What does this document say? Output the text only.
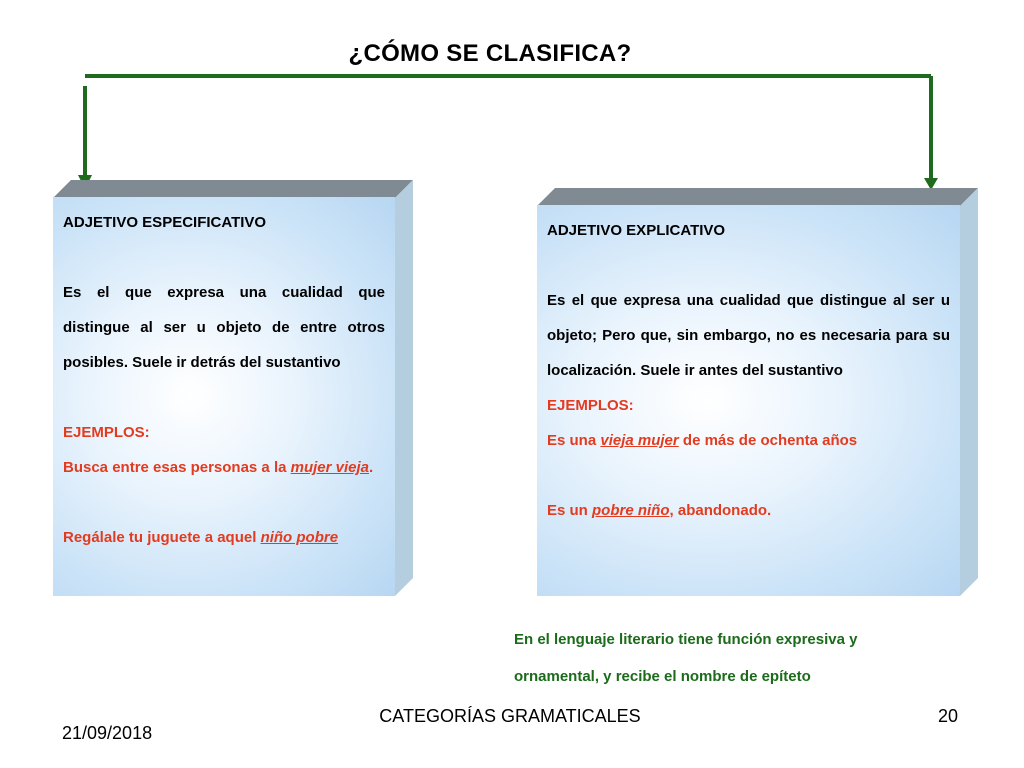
¿CÓMO SE CLASIFICA?
ADJETIVO ESPECIFICATIVO
Es el que expresa una cualidad que distingue al ser u objeto de entre otros posibles. Suele ir detrás del sustantivo
EJEMPLOS:
Busca entre esas personas a la mujer vieja.
Regálale tu juguete a aquel niño pobre
ADJETIVO EXPLICATIVO
Es el que expresa una cualidad que distingue al ser u objeto; Pero que, sin embargo, no es necesaria para su localización. Suele ir antes del sustantivo
EJEMPLOS:
Es una vieja mujer de más de ochenta años
Es un pobre niño, abandonado.
En el lenguaje literario tiene función expresiva y ornamental, y recibe el nombre de epíteto
21/09/2018
CATEGORÍAS GRAMATICALES	20
